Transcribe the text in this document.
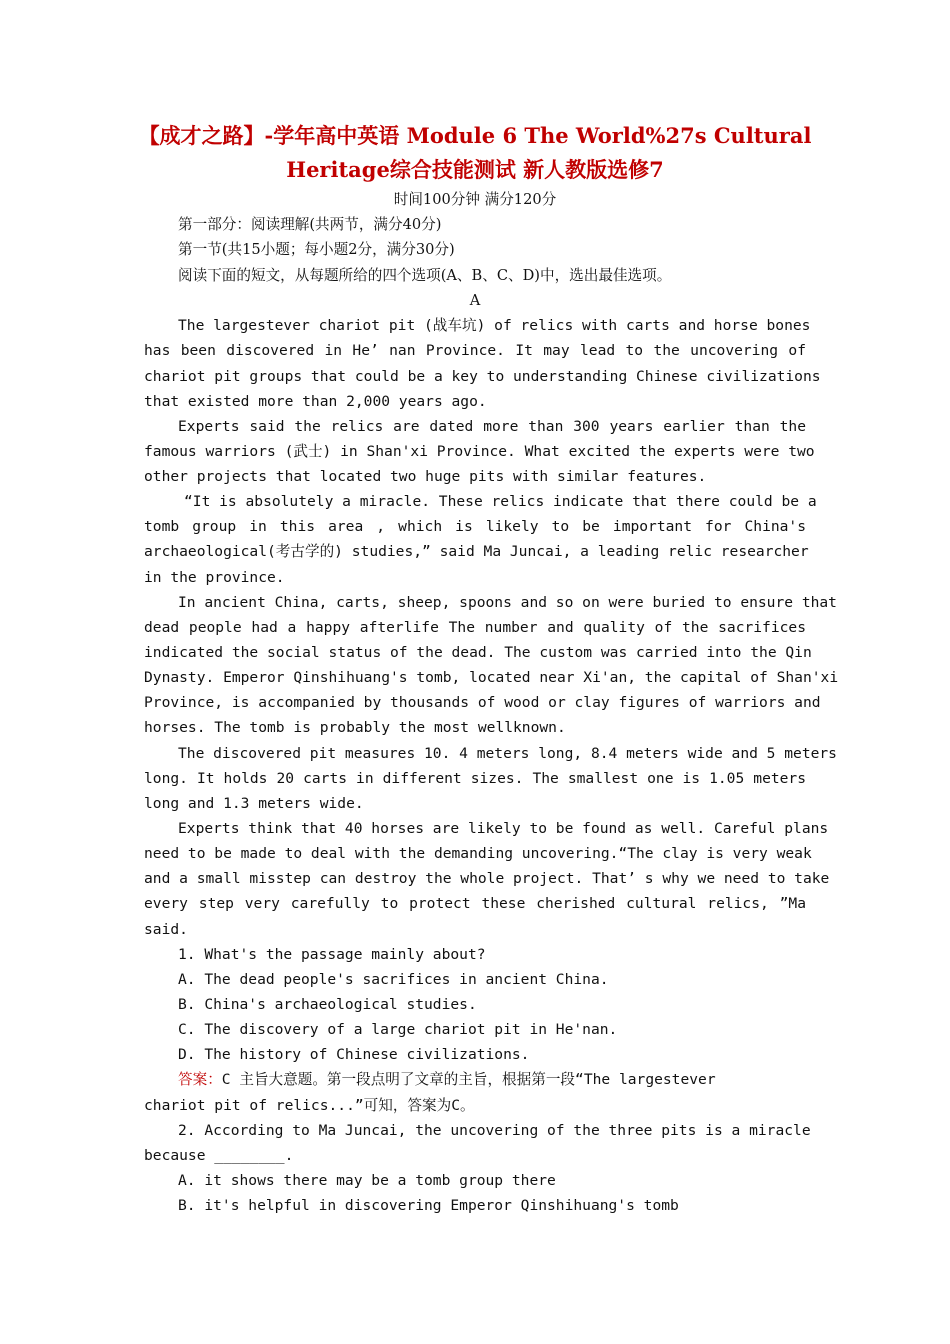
【成才之路】-学年高中英语 Module 6 The World%27s Cultural
Heritage综合技能测试 新人教版选修7
时间100分钟 满分120分
第一部分：阅读理解(共两节，满分40分)
第一节(共15小题；每小题2分，满分30分)
阅读下面的短文，从每题所给的四个选项(A、B、C、D)中，选出最佳选项。
A
The largestever chariot pit (战车坑) of relics with carts and horse bones
has been discovered in He’ nan Province. It may lead to the uncovering of
chariot pit groups that could be a key to understanding Chinese civilizations
that existed more than 2,000 years ago.
Experts said the relics are dated more than 300 years earlier than the
famous warriors (武士) in Shan'xi Province. What excited the experts were two
other projects that located two huge pits with similar features.
“It is absolutely a miracle. These relics indicate that there could be a
tomb group in this area , which is likely to be important for China's
archaeological(考古学的) studies,” said Ma Juncai, a leading relic researcher
in the province.
In ancient China, carts, sheep, spoons and so on were buried to ensure that
dead people had a happy afterlife The number and quality of the sacrifices
indicated the social status of the dead. The custom was carried into the Qin
Dynasty. Emperor Qinshihuang's tomb, located near Xi'an, the capital of Shan'xi
Province, is accompanied by thousands of wood or clay figures of warriors and
horses. The tomb is probably the most wellknown.
The discovered pit measures 10. 4 meters long, 8.4 meters wide and 5 meters
long. It holds 20 carts in different sizes. The smallest one is 1.05 meters
long and 1.3 meters wide.
Experts think that 40 horses are likely to be found as well. Careful plans
need to be made to deal with the demanding uncovering.“The clay is very weak
and a small misstep can destroy the whole project. That’ s why we need to take
every step very carefully to protect these cherished cultural relics, ”Ma
said.
1. What's the passage mainly about?
A. The dead people's sacrifices in ancient China.
B. China's archaeological studies.
C. The discovery of a large chariot pit in He'nan.
D. The history of Chinese civilizations.
答案：C 主旨大意题。第一段点明了文章的主旨，根据第一段“The largestever
chariot pit of relics...”可知，答案为C。
2. According to Ma Juncai, the uncovering of the three pits is a miracle
because ________.
A. it shows there may be a tomb group there
B. it's helpful in discovering Emperor Qinshihuang's tomb
